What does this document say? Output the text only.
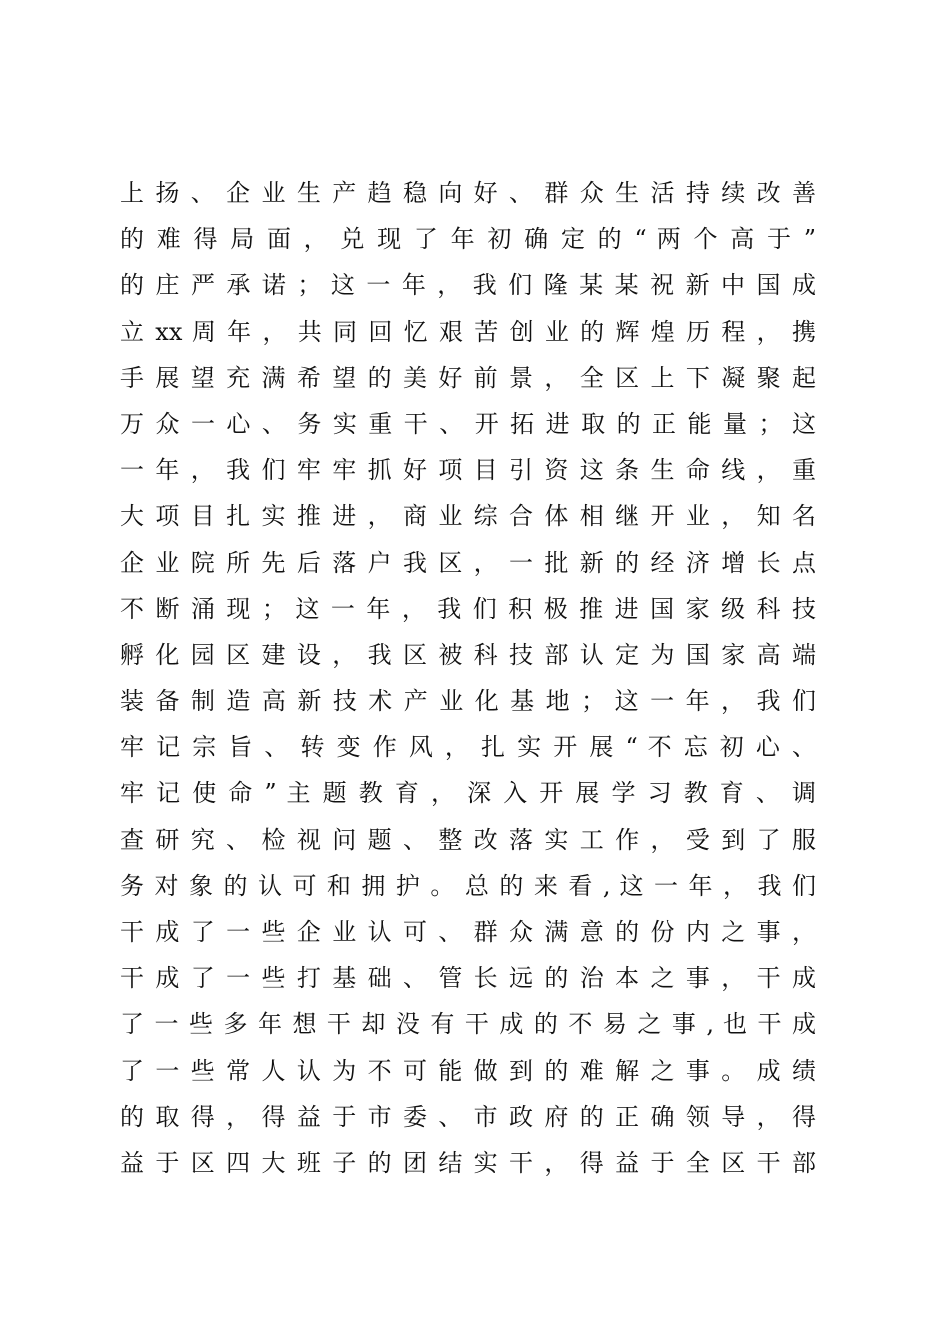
上 扬 、 企 业 生 产 趋 稳 向 好 、 群 众 生 活 持 续 改 善
的 难 得 局 面 ， 兑 现 了 年 初 确 定 的 “ 两 个 高 于 ”
的 庄 严 承 诺 ； 这 一 年 ， 我 们 隆 某 某 祝 新 中 国 成
立 xx 周 年 ， 共 同 回 忆 艰 苦 创 业 的 辉 煌 历 程 ， 携
手 展 望 充 满 希 望 的 美 好 前 景 ， 全 区 上 下 凝 聚 起
万 众 一 心 、 务 实 重 干 、 开 拓 进 取 的 正 能 量 ； 这
一 年 ， 我 们 牢 牢 抓 好 项 目 引 资 这 条 生 命 线 ， 重
大 项 目 扎 实 推 进 ， 商 业 综 合 体 相 继 开 业 ， 知 名
企 业 院 所 先 后 落 户 我 区 ， 一 批 新 的 经 济 增 长 点
不 断 涌 现 ； 这 一 年 ， 我 们 积 极 推 进 国 家 级 科 技
孵 化 园 区 建 设 ， 我 区 被 科 技 部 认 定 为 国 家 高 端
装 备 制 造 高 新 技 术 产 业 化 基 地 ； 这 一 年 ， 我 们
牢 记 宗 旨 、 转 变 作 风 ， 扎 实 开 展 “ 不 忘 初 心 、
牢 记 使 命 ” 主 题 教 育 ， 深 入 开 展 学 习 教 育 、 调
查 研 究 、 检 视 问 题 、 整 改 落 实 工 作 ， 受 到 了 服
务 对 象 的 认 可 和 拥 护 。 总 的 来 看 , 这 一 年 ， 我 们
干 成 了 一 些 企 业 认 可 、 群 众 满 意 的 份 内 之 事 ，
干 成 了 一 些 打 基 础 、 管 长 远 的 治 本 之 事 ， 干 成
了 一 些 多 年 想 干 却 没 有 干 成 的 不 易 之 事 , 也 干 成
了 一 些 常 人 认 为 不 可 能 做 到 的 难 解 之 事 。 成 绩
的 取 得 ， 得 益 于 市 委 、 市 政 府 的 正 确 领 导 ， 得
益 于 区 四 大 班 子 的 团 结 实 干 ， 得 益 于 全 区 干 部
